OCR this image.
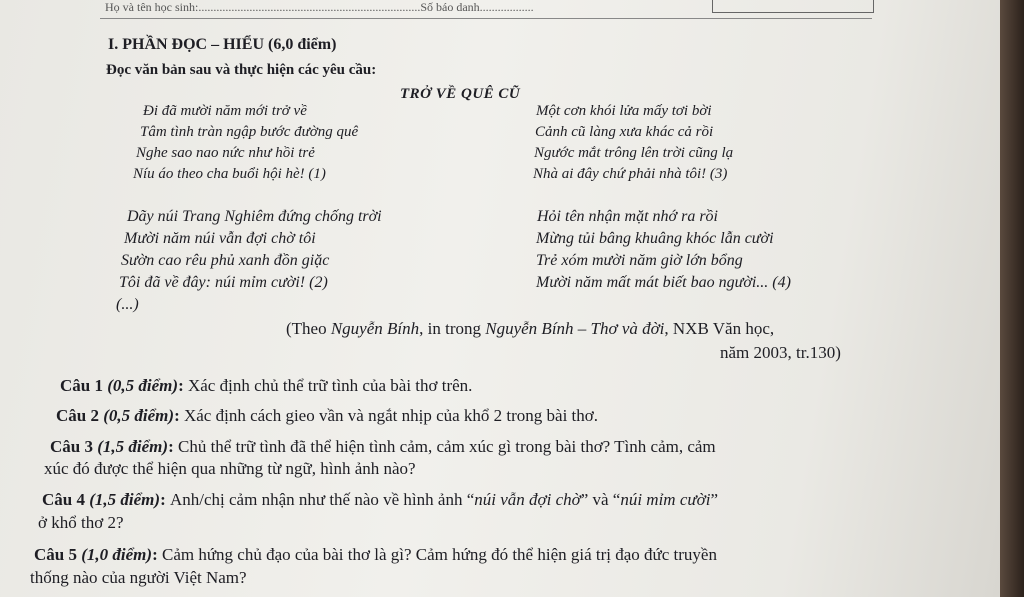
Họ và tên học sinh:..........................................................................Số báo danh..................
I. PHẦN ĐỌC – HIỂU (6,0 điểm)
Đọc văn bản sau và thực hiện các yêu cầu:
TRỞ VỀ QUÊ CŨ
Đi đã mười năm mới trở về
Tâm tình tràn ngập bước đường quê
Nghe sao nao nức như hồi trẻ
Níu áo theo cha buổi hội hè! (1)
Một cơn khói lửa mấy tơi bời
Cảnh cũ làng xưa khác cả rồi
Ngước mắt trông lên trời cũng lạ
Nhà ai đây chứ phải nhà tôi! (3)
Dãy núi Trang Nghiêm đứng chống trời
Mười năm núi vẫn đợi chờ tôi
Sườn cao rêu phủ xanh đồn giặc
Tôi đã về đây: núi mỉm cười! (2)
(...)
Hỏi tên nhận mặt nhớ ra rồi
Mừng tủi bâng khuâng khóc lẫn cười
Trẻ xóm mười năm giờ lớn bổng
Mười năm mất mát biết bao người... (4)
(Theo Nguyễn Bính, in trong Nguyễn Bính – Thơ và đời, NXB Văn học,
năm 2003, tr.130)
Câu 1 (0,5 điểm): Xác định chủ thể trữ tình của bài thơ trên.
Câu 2 (0,5 điểm): Xác định cách gieo vần và ngắt nhịp của khổ 2 trong bài thơ.
Câu 3 (1,5 điểm): Chủ thể trữ tình đã thể hiện tình cảm, cảm xúc gì trong bài thơ? Tình cảm, cảm
xúc đó được thể hiện qua những từ ngữ, hình ảnh nào?
Câu 4 (1,5 điểm): Anh/chị cảm nhận như thế nào về hình ảnh “núi vẫn đợi chờ” và “núi mỉm cười”
ở khổ thơ 2?
Câu 5 (1,0 điểm): Cảm hứng chủ đạo của bài thơ là gì? Cảm hứng đó thể hiện giá trị đạo đức truyền
thống nào của người Việt Nam?
